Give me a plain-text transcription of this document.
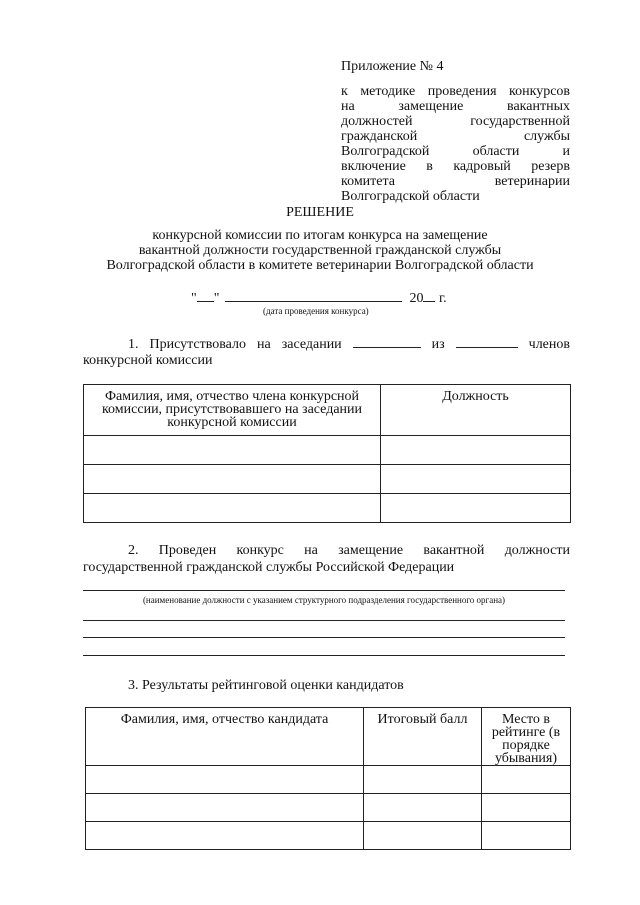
Приложение № 4
к методике проведения конкурсов
на	замещение	вакантных
должностей	государственной
гражданской	службы
Волгоградской	области	и
включение в кадровый резерв
комитета	ветеринарии
Волгоградской области
РЕШЕНИЕ
конкурсной комиссии по итогам конкурса на замещение
вакантной должности государственной гражданской службы
Волгоградской области в комитете ветеринарии Волгоградской области
" "	20 г.
(дата проведения конкурса)
1. Присутствовало на заседании	из	членов
конкурсной комиссии
Фамилия, имя, отчество члена конкурсной комиссии, присутствовавшего на заседании конкурсной комиссии	Должность

2. Проведен конкурс на замещение вакантной должности
государственной гражданской службы Российской Федерации
(наименование должности с указанием структурного подразделения государственного органа)
3. Результаты рейтинговой оценки кандидатов
Фамилия, имя, отчество кандидата	Итоговый балл	Место в рейтинге (в порядке убывания)
